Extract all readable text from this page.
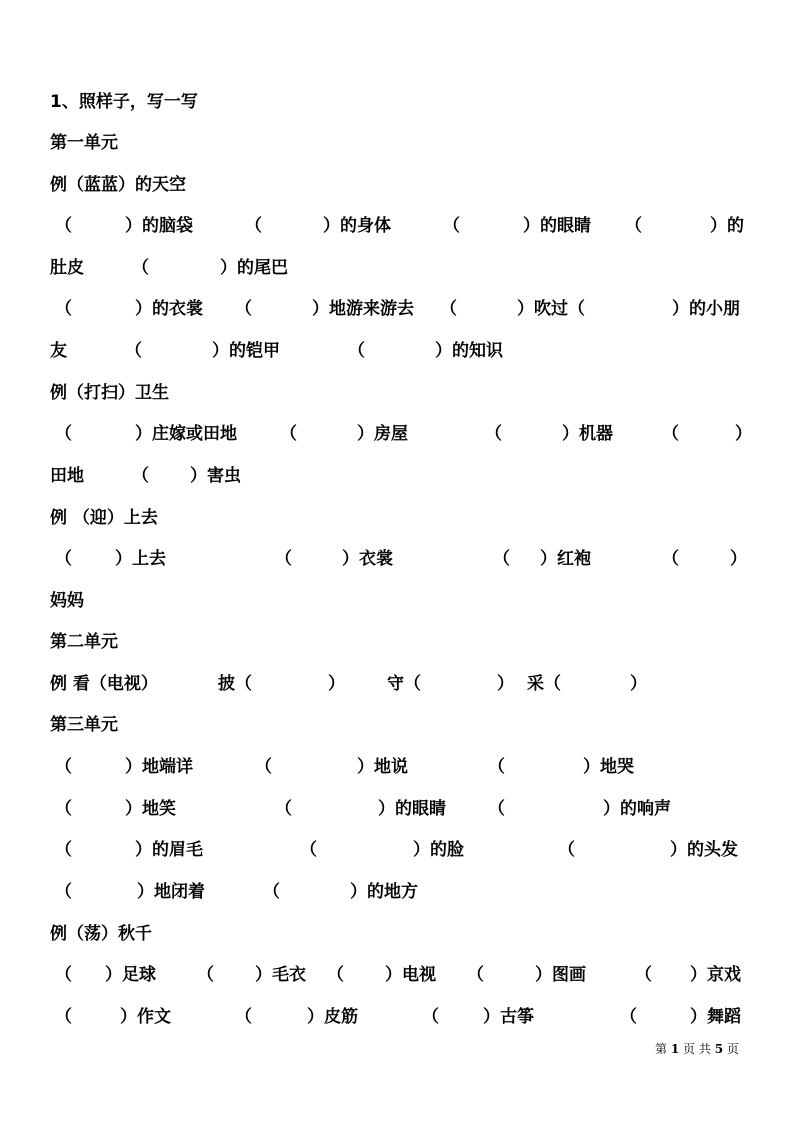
1、照样子，写一写
第一单元
例（蓝蓝）的天空
（	）的脑袋	（	）的身体	（	）的眼睛 （	）的
肚皮	（	）的尾巴
（	）的衣裳 （	）地游来游去 （	）吹过（	）的小朋
友	（	）的铠甲	（	）的知识
例（打扫）卫生
（	）庄嫁或田地	（	）房屋	（	）机器	（	）
田地	（ ）害虫
例 （迎）上去
（	）上去	（	）衣裳	（ ）红袍	（	）
妈妈
第二单元
例 看（电视）	披（	） 守（	） 采（	）
第三单元
（	）地端详	（	）地说	（	）地哭
（	）地笑	（	）的眼睛 （	）的响声
（	）的眉毛	（	）的脸	（	）的头发
（	）地闭着	（	）的地方
例（荡）秋千
（ ）足球 （ ）毛衣 （ ）电视 （	）图画	（ ）京戏
（	）作文	（	）皮筋	（	）古筝	（	）舞蹈
第 1 页 共 5 页
